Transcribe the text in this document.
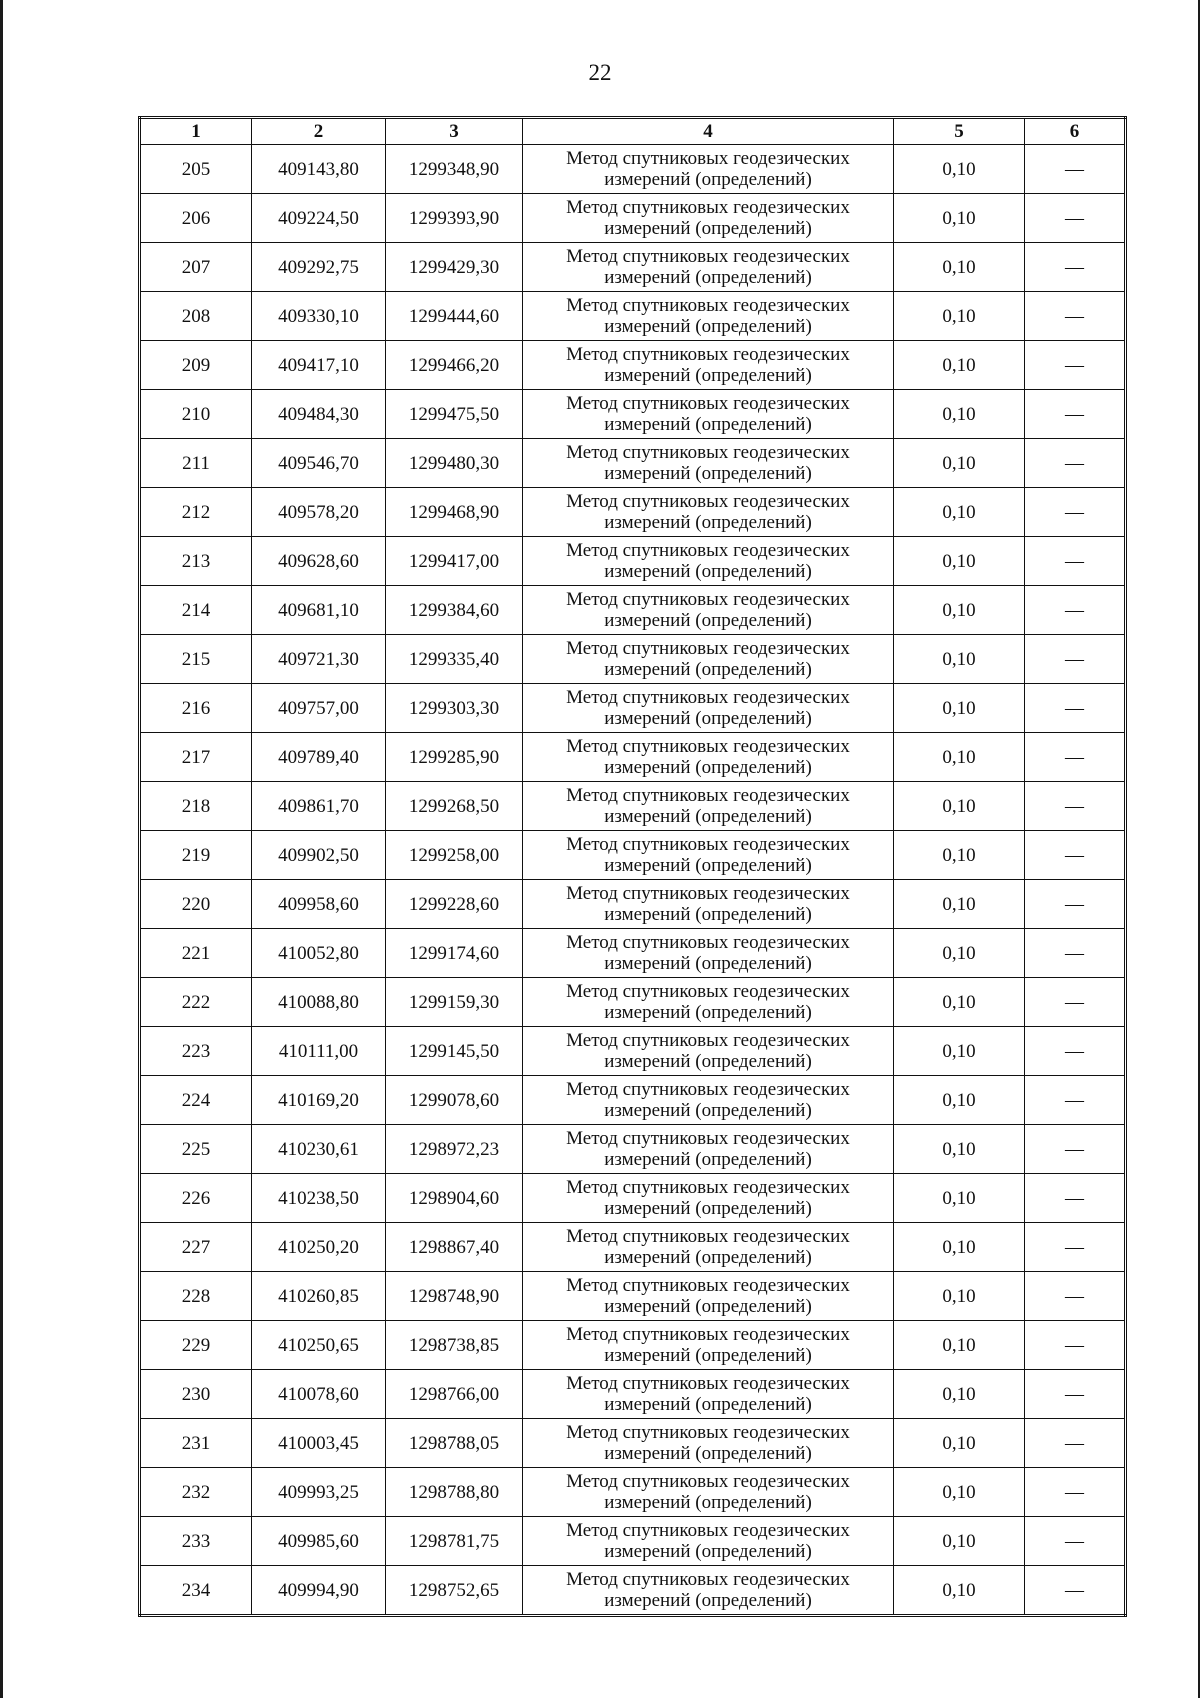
22
1	2	3	4	5	6
205	409143,80	1299348,90	Метод спутниковых геодезических измерений (определений)	0,10	—
206	409224,50	1299393,90	Метод спутниковых геодезических измерений (определений)	0,10	—
207	409292,75	1299429,30	Метод спутниковых геодезических измерений (определений)	0,10	—
208	409330,10	1299444,60	Метод спутниковых геодезических измерений (определений)	0,10	—
209	409417,10	1299466,20	Метод спутниковых геодезических измерений (определений)	0,10	—
210	409484,30	1299475,50	Метод спутниковых геодезических измерений (определений)	0,10	—
211	409546,70	1299480,30	Метод спутниковых геодезических измерений (определений)	0,10	—
212	409578,20	1299468,90	Метод спутниковых геодезических измерений (определений)	0,10	—
213	409628,60	1299417,00	Метод спутниковых геодезических измерений (определений)	0,10	—
214	409681,10	1299384,60	Метод спутниковых геодезических измерений (определений)	0,10	—
215	409721,30	1299335,40	Метод спутниковых геодезических измерений (определений)	0,10	—
216	409757,00	1299303,30	Метод спутниковых геодезических измерений (определений)	0,10	—
217	409789,40	1299285,90	Метод спутниковых геодезических измерений (определений)	0,10	—
218	409861,70	1299268,50	Метод спутниковых геодезических измерений (определений)	0,10	—
219	409902,50	1299258,00	Метод спутниковых геодезических измерений (определений)	0,10	—
220	409958,60	1299228,60	Метод спутниковых геодезических измерений (определений)	0,10	—
221	410052,80	1299174,60	Метод спутниковых геодезических измерений (определений)	0,10	—
222	410088,80	1299159,30	Метод спутниковых геодезических измерений (определений)	0,10	—
223	410111,00	1299145,50	Метод спутниковых геодезических измерений (определений)	0,10	—
224	410169,20	1299078,60	Метод спутниковых геодезических измерений (определений)	0,10	—
225	410230,61	1298972,23	Метод спутниковых геодезических измерений (определений)	0,10	—
226	410238,50	1298904,60	Метод спутниковых геодезических измерений (определений)	0,10	—
227	410250,20	1298867,40	Метод спутниковых геодезических измерений (определений)	0,10	—
228	410260,85	1298748,90	Метод спутниковых геодезических измерений (определений)	0,10	—
229	410250,65	1298738,85	Метод спутниковых геодезических измерений (определений)	0,10	—
230	410078,60	1298766,00	Метод спутниковых геодезических измерений (определений)	0,10	—
231	410003,45	1298788,05	Метод спутниковых геодезических измерений (определений)	0,10	—
232	409993,25	1298788,80	Метод спутниковых геодезических измерений (определений)	0,10	—
233	409985,60	1298781,75	Метод спутниковых геодезических измерений (определений)	0,10	—
234	409994,90	1298752,65	Метод спутниковых геодезических измерений (определений)	0,10	—
